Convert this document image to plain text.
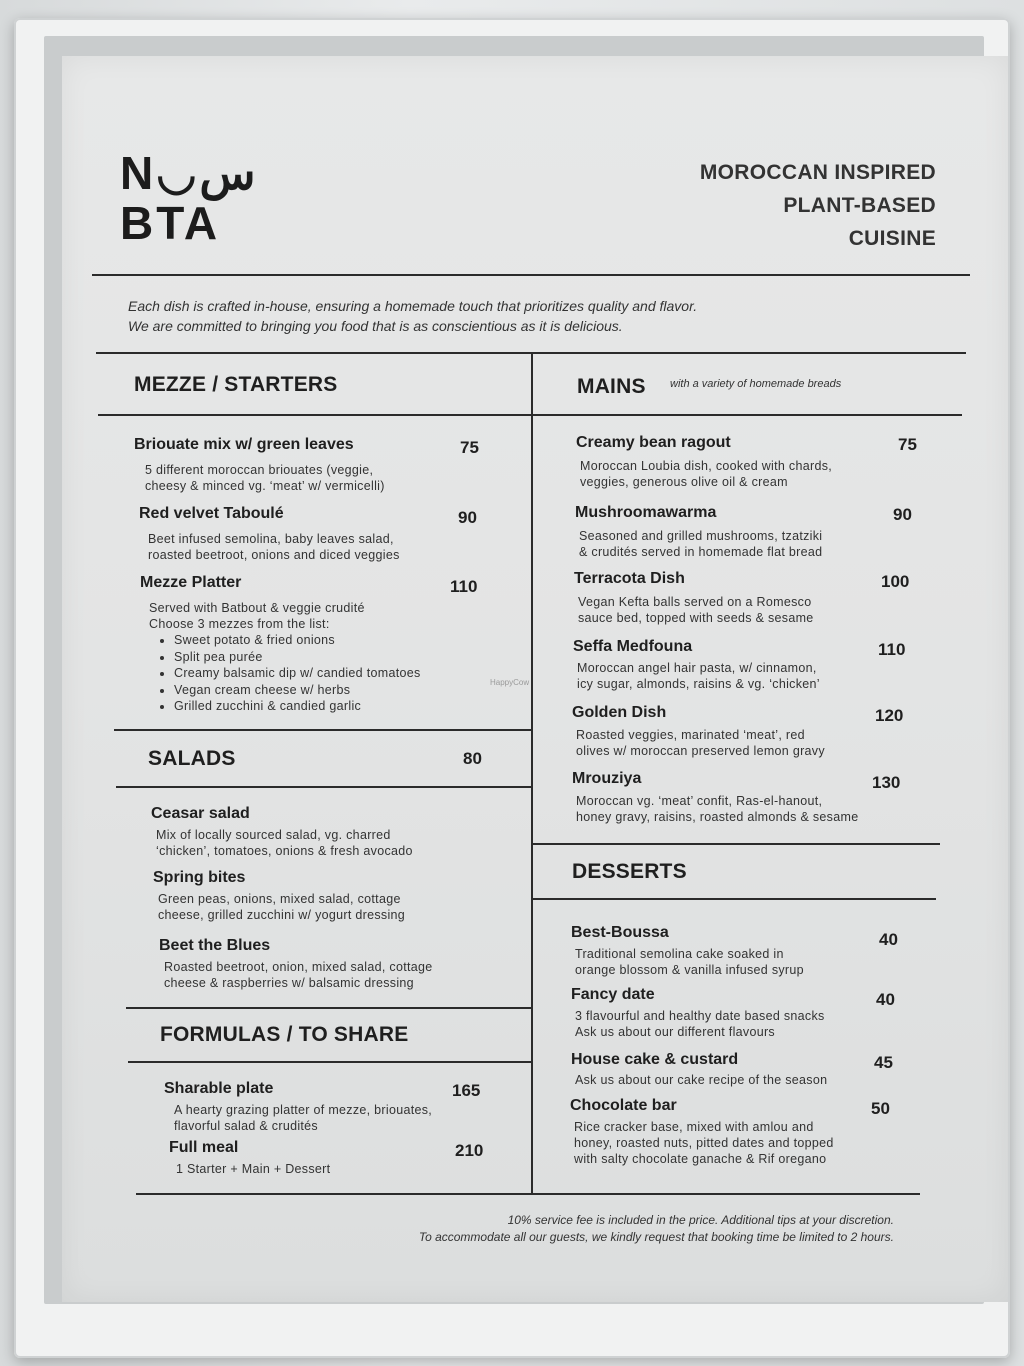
N◡س
BTA
MOROCCAN INSPIRED
PLANT-BASED
CUISINE
Each dish is crafted in-house, ensuring a homemade touch that prioritizes quality and flavor.
We are committed to bringing you food that is as conscientious as it is delicious.
MEZZE / STARTERS
Briouate mix w/ green leaves	75
5 different moroccan briouates (veggie,
cheesy & minced vg. ‘meat’ w/ vermicelli)
Red velvet Taboulé	90
Beet infused semolina, baby leaves salad,
roasted beetroot, onions and diced veggies
Mezze Platter	110
Served with Batbout & veggie crudité
Choose 3 mezzes from the list:
• Sweet potato & fried onions
• Split pea purée
• Creamy balsamic dip w/ candied tomatoes
• Vegan cream cheese w/ herbs
• Grilled zucchini & candied garlic
SALADS	80
Ceasar salad
Mix of locally sourced salad, vg. charred
‘chicken’, tomatoes, onions & fresh avocado
Spring bites
Green peas, onions, mixed salad, cottage
cheese, grilled zucchini w/ yogurt dressing
Beet the Blues
Roasted beetroot, onion, mixed salad, cottage
cheese & raspberries w/ balsamic dressing
FORMULAS / TO SHARE
Sharable plate	165
A hearty grazing platter of mezze, briouates,
flavorful salad & crudités
Full meal	210
1 Starter + Main + Dessert
MAINS with a variety of homemade breads
Creamy bean ragout	75
Moroccan Loubia dish, cooked with chards,
veggies, generous olive oil & cream
Mushroomawarma	90
Seasoned and grilled mushrooms, tzatziki
& crudités served in homemade flat bread
Terracota Dish	100
Vegan Kefta balls served on a Romesco
sauce bed, topped with seeds & sesame
Seffa Medfouna	110
Moroccan angel hair pasta, w/ cinnamon,
icy sugar, almonds, raisins & vg. ‘chicken’
Golden Dish	120
Roasted veggies, marinated ‘meat’, red
olives w/ moroccan preserved lemon gravy
Mrouziya	130
Moroccan vg. ‘meat’ confit, Ras-el-hanout,
honey gravy, raisins, roasted almonds & sesame
HappyCow
DESSERTS
Best-Boussa	40
Traditional semolina cake soaked in
orange blossom & vanilla infused syrup
Fancy date	40
3 flavourful and healthy date based snacks
Ask us about our different flavours
House cake & custard	45
Ask us about our cake recipe of the season
Chocolate bar	50
Rice cracker base, mixed with amlou and
honey, roasted nuts, pitted dates and topped
with salty chocolate ganache & Rif oregano
10% service fee is included in the price. Additional tips at your discretion.
To accommodate all our guests, we kindly request that booking time be limited to 2 hours.
